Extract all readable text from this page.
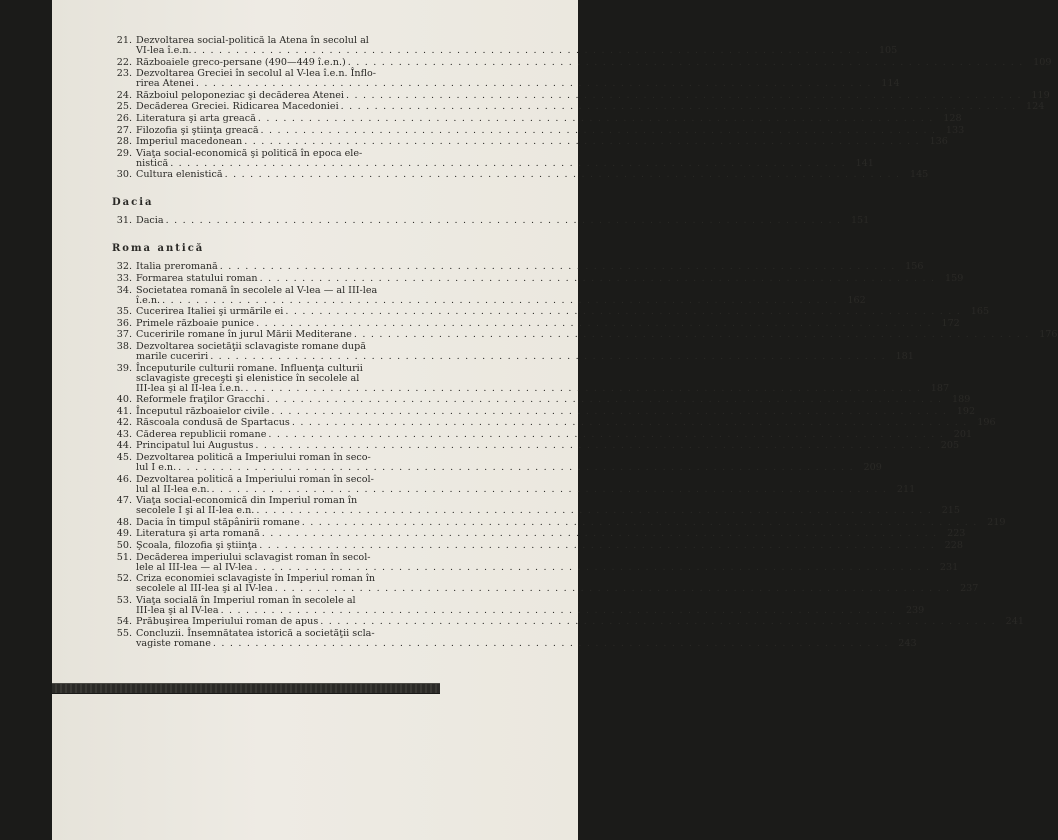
21. Dezvoltarea social-politică la Atena în secolul al
VI-lea î.e.n. . . . . . . . . . . . . . . . . . . . . . . . . . . . . . . . . . . . . . . . . . . . . . . . . . . . . . . . . . . . . . . . . . . . . . . . . . . . . . . . .	105
22. Războaiele greco-persane (490—449 î.e.n.) . . . . . . . . . . . . . . . . . . . . . . . . . . . . . . . . . . . . . . . . . . . . . . . . . . . . . . . . . . . . . . . . . . . . . . . . . . . . . . . .	109
23. Dezvoltarea Greciei în secolul al V-lea î.e.n. Înflo-
rirea Atenei . . . . . . . . . . . . . . . . . . . . . . . . . . . . . . . . . . . . . . . . . . . . . . . . . . . . . . . . . . . . . . . . . . . . . . . . . . . . . . . .	114
24. Războiul peloponeziac şi decăderea Atenei . . . . . . . . . . . . . . . . . . . . . . . . . . . . . . . . . . . . . . . . . . . . . . . . . . . . . . . . . . . . . . . . . . . . . . . . . . . . . . . .	119
25. Decăderea Greciei. Ridicarea Macedoniei . . . . . . . . . . . . . . . . . . . . . . . . . . . . . . . . . . . . . . . . . . . . . . . . . . . . . . . . . . . . . . . . . . . . . . . . . . . . . . . .	124
26. Literatura şi arta greacă . . . . . . . . . . . . . . . . . . . . . . . . . . . . . . . . . . . . . . . . . . . . . . . . . . . . . . . . . . . . . . . . . . . . . . . . . . . . . . . .	128
27. Filozofia şi ştiinţa greacă . . . . . . . . . . . . . . . . . . . . . . . . . . . . . . . . . . . . . . . . . . . . . . . . . . . . . . . . . . . . . . . . . . . . . . . . . . . . . . . .	133
28. Imperiul macedonean . . . . . . . . . . . . . . . . . . . . . . . . . . . . . . . . . . . . . . . . . . . . . . . . . . . . . . . . . . . . . . . . . . . . . . . . . . . . . . . .	136
29. Viaţa social-economică şi politică în epoca ele-
nistică . . . . . . . . . . . . . . . . . . . . . . . . . . . . . . . . . . . . . . . . . . . . . . . . . . . . . . . . . . . . . . . . . . . . . . . . . . . . . . . .	141
30. Cultura elenistică . . . . . . . . . . . . . . . . . . . . . . . . . . . . . . . . . . . . . . . . . . . . . . . . . . . . . . . . . . . . . . . . . . . . . . . . . . . . . . . .	145
Dacia
31. Dacia . . . . . . . . . . . . . . . . . . . . . . . . . . . . . . . . . . . . . . . . . . . . . . . . . . . . . . . . . . . . . . . . . . . . . . . . . . . . . . . .	151
Roma antică
32. Italia preromană . . . . . . . . . . . . . . . . . . . . . . . . . . . . . . . . . . . . . . . . . . . . . . . . . . . . . . . . . . . . . . . . . . . . . . . . . . . . . . . .	156
33. Formarea statului roman . . . . . . . . . . . . . . . . . . . . . . . . . . . . . . . . . . . . . . . . . . . . . . . . . . . . . . . . . . . . . . . . . . . . . . . . . . . . . . . .	159
34. Societatea romană în secolele al V-lea — al III-lea
î.e.n. . . . . . . . . . . . . . . . . . . . . . . . . . . . . . . . . . . . . . . . . . . . . . . . . . . . . . . . . . . . . . . . . . . . . . . . . . . . . . . . .	162
35. Cucerirea Italiei şi urmările ei . . . . . . . . . . . . . . . . . . . . . . . . . . . . . . . . . . . . . . . . . . . . . . . . . . . . . . . . . . . . . . . . . . . . . . . . . . . . . . . .	165
36. Primele războaie punice . . . . . . . . . . . . . . . . . . . . . . . . . . . . . . . . . . . . . . . . . . . . . . . . . . . . . . . . . . . . . . . . . . . . . . . . . . . . . . . .	172
37. Cuceririle romane în jurul Mării Mediterane . . . . . . . . . . . . . . . . . . . . . . . . . . . . . . . . . . . . . . . . . . . . . . . . . . . . . . . . . . . . . . . . . . . . . . . . . . . . . . . .	176
38. Dezvoltarea societăţii sclavagiste romane după
marile cuceriri . . . . . . . . . . . . . . . . . . . . . . . . . . . . . . . . . . . . . . . . . . . . . . . . . . . . . . . . . . . . . . . . . . . . . . . . . . . . . . . .	181
39. Începuturile culturii romane. Influenţa culturii
sclavagiste greceşti şi elenistice în secolele al
III-lea şi al II-lea î.e.n. . . . . . . . . . . . . . . . . . . . . . . . . . . . . . . . . . . . . . . . . . . . . . . . . . . . . . . . . . . . . . . . . . . . . . . . . . . . . . . . .	187
40. Reformele fraţilor Gracchi . . . . . . . . . . . . . . . . . . . . . . . . . . . . . . . . . . . . . . . . . . . . . . . . . . . . . . . . . . . . . . . . . . . . . . . . . . . . . . . .	189
41. Începutul războaielor civile . . . . . . . . . . . . . . . . . . . . . . . . . . . . . . . . . . . . . . . . . . . . . . . . . . . . . . . . . . . . . . . . . . . . . . . . . . . . . . . .	192
42. Răscoala condusă de Spartacus . . . . . . . . . . . . . . . . . . . . . . . . . . . . . . . . . . . . . . . . . . . . . . . . . . . . . . . . . . . . . . . . . . . . . . . . . . . . . . . .	196
43. Căderea republicii romane . . . . . . . . . . . . . . . . . . . . . . . . . . . . . . . . . . . . . . . . . . . . . . . . . . . . . . . . . . . . . . . . . . . . . . . . . . . . . . . .	201
44. Principatul lui Augustus . . . . . . . . . . . . . . . . . . . . . . . . . . . . . . . . . . . . . . . . . . . . . . . . . . . . . . . . . . . . . . . . . . . . . . . . . . . . . . . .	205
45. Dezvoltarea politică a Imperiului roman în seco-
lul I e.n. . . . . . . . . . . . . . . . . . . . . . . . . . . . . . . . . . . . . . . . . . . . . . . . . . . . . . . . . . . . . . . . . . . . . . . . . . . . . . . . .	209
46. Dezvoltarea politică a Imperiului roman în secol-
lul al II-lea e.n. . . . . . . . . . . . . . . . . . . . . . . . . . . . . . . . . . . . . . . . . . . . . . . . . . . . . . . . . . . . . . . . . . . . . . . . . . . . . . . . .	211
47. Viaţa social-economică din Imperiul roman în
secolele I şi al II-lea e.n. . . . . . . . . . . . . . . . . . . . . . . . . . . . . . . . . . . . . . . . . . . . . . . . . . . . . . . . . . . . . . . . . . . . . . . . . . . . . . . . .	215
48. Dacia în timpul stăpânirii romane . . . . . . . . . . . . . . . . . . . . . . . . . . . . . . . . . . . . . . . . . . . . . . . . . . . . . . . . . . . . . . . . . . . . . . . . . . . . . . . .	219
49. Literatura şi arta romană . . . . . . . . . . . . . . . . . . . . . . . . . . . . . . . . . . . . . . . . . . . . . . . . . . . . . . . . . . . . . . . . . . . . . . . . . . . . . . . .	223
50. Şcoala, filozofia şi ştiinţa . . . . . . . . . . . . . . . . . . . . . . . . . . . . . . . . . . . . . . . . . . . . . . . . . . . . . . . . . . . . . . . . . . . . . . . . . . . . . . . .	228
51. Decăderea imperiului sclavagist roman în secol-
lele al III-lea — al IV-lea . . . . . . . . . . . . . . . . . . . . . . . . . . . . . . . . . . . . . . . . . . . . . . . . . . . . . . . . . . . . . . . . . . . . . . . . . . . . . . . .	231
52. Criza economiei sclavagiste în Imperiul roman în
secolele al III-lea şi al IV-lea . . . . . . . . . . . . . . . . . . . . . . . . . . . . . . . . . . . . . . . . . . . . . . . . . . . . . . . . . . . . . . . . . . . . . . . . . . . . . . . .	237
53. Viaţa socială în Imperiul roman în secolele al
III-lea şi al IV-lea . . . . . . . . . . . . . . . . . . . . . . . . . . . . . . . . . . . . . . . . . . . . . . . . . . . . . . . . . . . . . . . . . . . . . . . . . . . . . . . .	239
54. Prăbuşirea Imperiului roman de apus . . . . . . . . . . . . . . . . . . . . . . . . . . . . . . . . . . . . . . . . . . . . . . . . . . . . . . . . . . . . . . . . . . . . . . . . . . . . . . . .	241
55. Concluzii. Însemnătatea istorică a societăţii scla-
vagiste romane . . . . . . . . . . . . . . . . . . . . . . . . . . . . . . . . . . . . . . . . . . . . . . . . . . . . . . . . . . . . . . . . . . . . . . . . . . . . . . . .	243
